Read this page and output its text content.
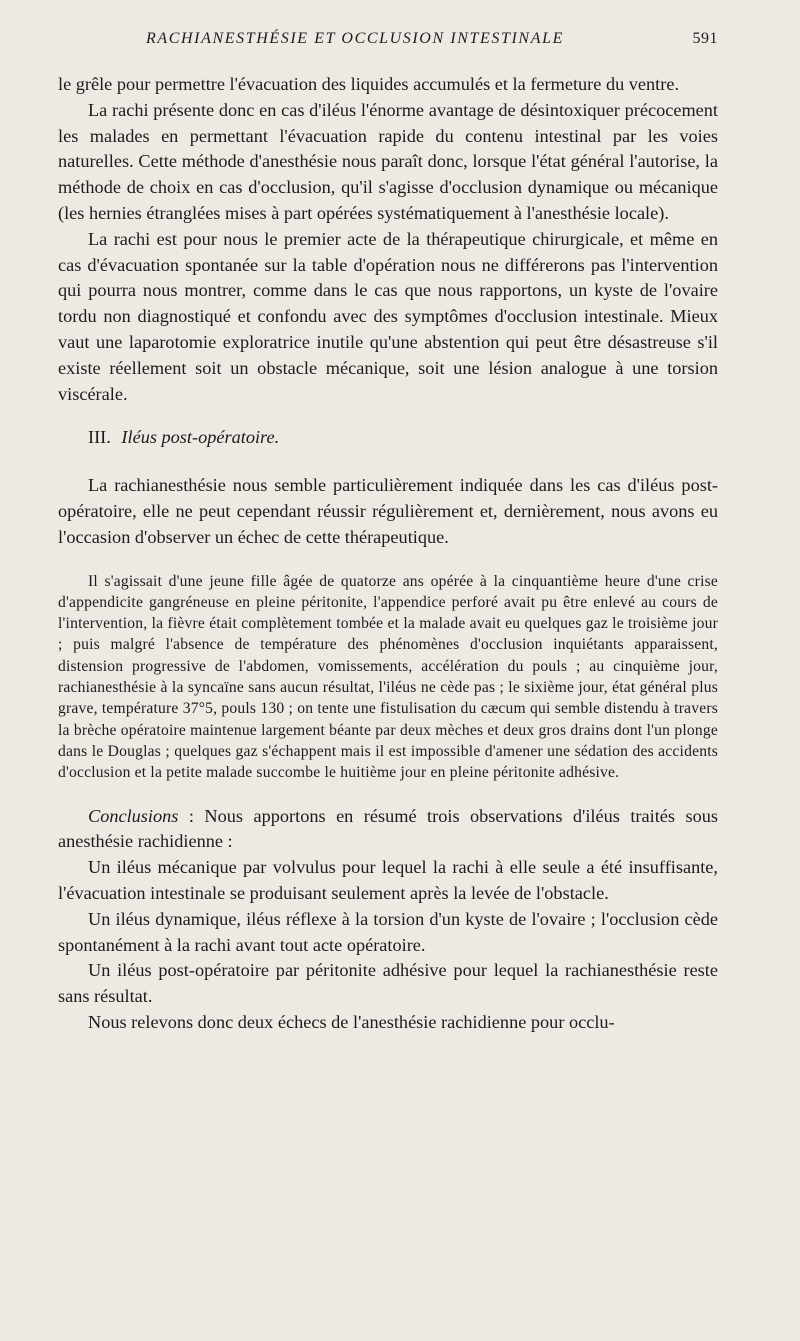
RACHIANESTHÉSIE ET OCCLUSION INTESTINALE	591

le grêle pour permettre l'évacuation des liquides accumulés et la fermeture du ventre.

La rachi présente donc en cas d'iléus l'énorme avantage de désintoxiquer précocement les malades en permettant l'évacuation rapide du contenu intestinal par les voies naturelles. Cette méthode d'anesthésie nous paraît donc, lorsque l'état général l'autorise, la méthode de choix en cas d'occlusion, qu'il s'agisse d'occlusion dynamique ou mécanique (les hernies étranglées mises à part opérées systématiquement à l'anesthésie locale).

La rachi est pour nous le premier acte de la thérapeutique chirurgicale, et même en cas d'évacuation spontanée sur la table d'opération nous ne différerons pas l'intervention qui pourra nous montrer, comme dans le cas que nous rapportons, un kyste de l'ovaire tordu non diagnostiqué et confondu avec des symptômes d'occlusion intestinale. Mieux vaut une laparotomie exploratrice inutile qu'une abstention qui peut être désastreuse s'il existe réellement soit un obstacle mécanique, soit une lésion analogue à une torsion viscérale.

III. Iléus post-opératoire.

La rachianesthésie nous semble particulièrement indiquée dans les cas d'iléus post-opératoire, elle ne peut cependant réussir régulièrement et, dernièrement, nous avons eu l'occasion d'observer un échec de cette thérapeutique.

Il s'agissait d'une jeune fille âgée de quatorze ans opérée à la cinquantième heure d'une crise d'appendicite gangréneuse en pleine péritonite, l'appendice perforé avait pu être enlevé au cours de l'intervention, la fièvre était complètement tombée et la malade avait eu quelques gaz le troisième jour ; puis malgré l'absence de température des phénomènes d'occlusion inquiétants apparaissent, distension progressive de l'abdomen, vomissements, accélération du pouls ; au cinquième jour, rachianesthésie à la syncaïne sans aucun résultat, l'iléus ne cède pas ; le sixième jour, état général plus grave, température 37°5, pouls 130 ; on tente une fistulisation du cæcum qui semble distendu à travers la brèche opératoire maintenue largement béante par deux mèches et deux gros drains dont l'un plonge dans le Douglas ; quelques gaz s'échappent mais il est impossible d'amener une sédation des accidents d'occlusion et la petite malade succombe le huitième jour en pleine péritonite adhésive.

Conclusions : Nous apportons en résumé trois observations d'iléus traités sous anesthésie rachidienne :

Un iléus mécanique par volvulus pour lequel la rachi à elle seule a été insuffisante, l'évacuation intestinale se produisant seulement après la levée de l'obstacle.

Un iléus dynamique, iléus réflexe à la torsion d'un kyste de l'ovaire ; l'occlusion cède spontanément à la rachi avant tout acte opératoire.

Un iléus post-opératoire par péritonite adhésive pour lequel la rachianesthésie reste sans résultat.

Nous relevons donc deux échecs de l'anesthésie rachidienne pour occlu-
